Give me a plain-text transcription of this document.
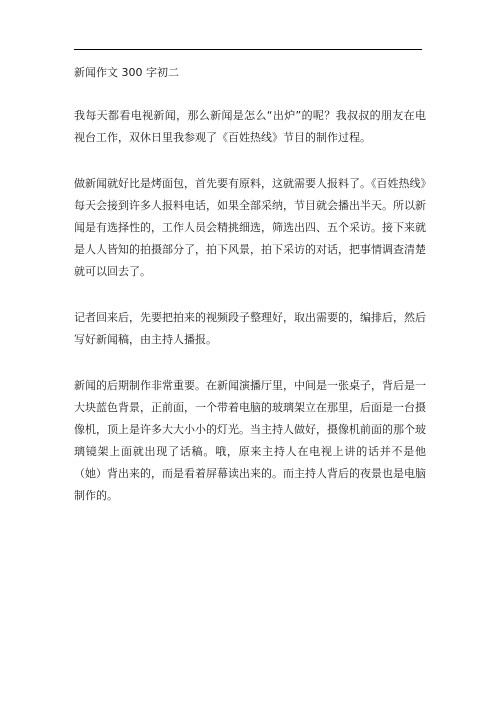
新闻作文 300 字初二

我每天都看电视新闻，那么新闻是怎么“出炉”的呢？我叔叔的朋友在电视台工作，双休日里我参观了《百姓热线》节目的制作过程。

做新闻就好比是烤面包，首先要有原料，这就需要人报料了。《百姓热线》每天会接到许多人报料电话，如果全部采纳，节目就会播出半天。所以新闻是有选择性的，工作人员会精挑细选，筛选出四、五个采访。接下来就是人人皆知的拍摄部分了，拍下风景，拍下采访的对话，把事情调查清楚就可以回去了。

记者回来后，先要把拍来的视频段子整理好，取出需要的，编排后，然后写好新闻稿，由主持人播报。

新闻的后期制作非常重要。在新闻演播厅里，中间是一张桌子，背后是一大块蓝色背景，正前面，一个带着电脑的玻璃架立在那里，后面是一台摄像机，顶上是许多大大小小的灯光。当主持人做好，摄像机前面的那个玻璃镜架上面就出现了话稿。哦，原来主持人在电视上讲的话并不是他（她）背出来的，而是看着屏幕读出来的。而主持人背后的夜景也是电脑制作的。
